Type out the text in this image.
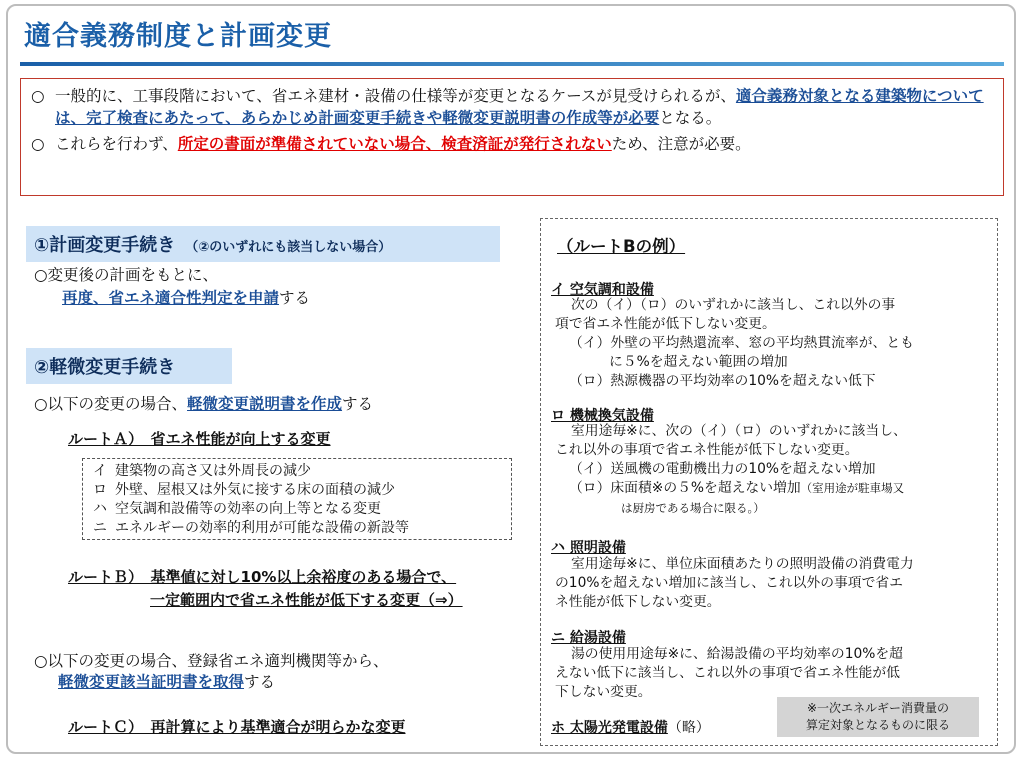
適合義務制度と計画変更
○ 一般的に、工事段階において、省エネ建材・設備の仕様等が変更となるケースが見受けられるが、適合義務対象となる建築物については、完了検査にあたって、あらかじめ計画変更手続きや軽微変更説明書の作成等が必要となる。
○ これらを行わず、所定の書面が準備されていない場合、検査済証が発行されないため、注意が必要。
①計画変更手続き （②のいずれにも該当しない場合）
○変更後の計画をもとに、
再度、省エネ適合性判定を申請する
②軽微変更手続き
○以下の変更の場合、軽微変更説明書を作成する
ルートＡ）　省エネ性能が向上する変更
イ 建築物の高さ又は外周長の減少
ロ 外壁、屋根又は外気に接する床の面積の減少
ハ 空気調和設備等の効率の向上等となる変更
ニ エネルギーの効率的利用が可能な設備の新設等
ルートＢ）　基準値に対し10%以上余裕度のある場合で、
一定範囲内で省エネ性能が低下する変更（⇒）
○以下の変更の場合、登録省エネ適判機関等から、
軽微変更該当証明書を取得する
ルートＣ）　再計算により基準適合が明らかな変更
（ルートBの例）
イ 空気調和設備
次の（イ）（ロ）のいずれかに該当し、これ以外の事
項で省エネ性能が低下しない変更。
（イ）外壁の平均熱還流率、窓の平均熱貫流率が、とも
に５%を超えない範囲の増加
（ロ）熱源機器の平均効率の10%を超えない低下
ロ 機械換気設備
室用途毎※に、次の（イ）（ロ）のいずれかに該当し、
これ以外の事項で省エネ性能が低下しない変更。
（イ）送風機の電動機出力の10%を超えない増加
（ロ）床面積※の５%を超えない増加（室用途が駐車場又
は厨房である場合に限る。）
ハ 照明設備
室用途毎※に、単位床面積あたりの照明設備の消費電力
の10%を超えない増加に該当し、これ以外の事項で省エ
ネ性能が低下しない変更。
ニ 給湯設備
湯の使用用途毎※に、給湯設備の平均効率の10%を超
えない低下に該当し、これ以外の事項で省エネ性能が低
下しない変更。
ホ 太陽光発電設備（略）
※一次エネルギー消費量の
算定対象となるものに限る
